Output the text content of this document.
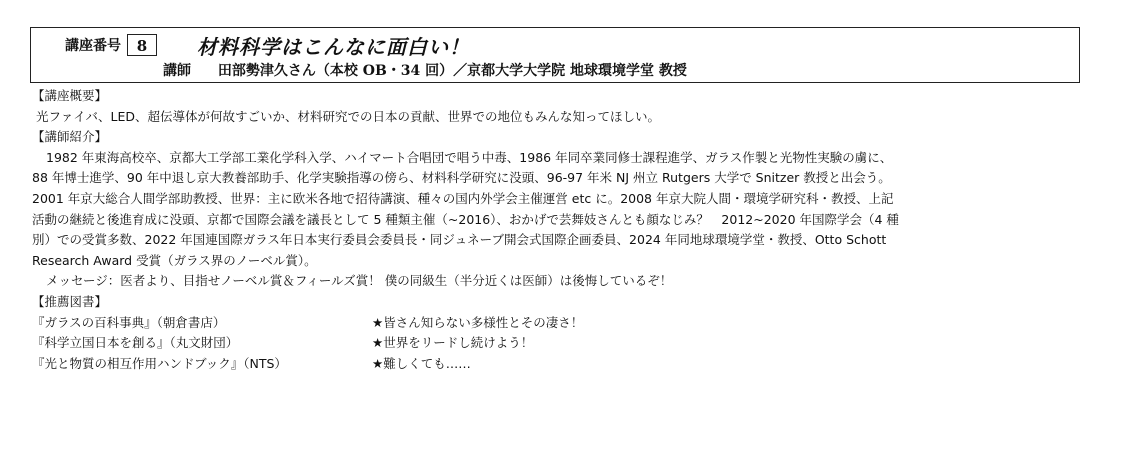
講座番号	8	材料科学はこんなに面白い！
講師 田部勢津久さん（本校 OB・34 回）／京都大学大学院 地球環境学堂 教授
【講座概要】
光ファイバ、LED、超伝導体が何故すごいか、材料研究での日本の貢献、世界での地位もみんな知ってほしい。
【講師紹介】
1982 年東海高校卒、京都大工学部工業化学科入学、ハイマート合唱団で唱う中毒、1986 年同卒業同修士課程進学、ガラス作製と光物性実験の虜に、
88 年博士進学、90 年中退し京大教養部助手、化学実験指導の傍ら、材料科学研究に没頭、96-97 年米 NJ 州立 Rutgers 大学で Snitzer 教授と出会う。
2001 年京大総合人間学部助教授、世界：主に欧米各地で招待講演、種々の国内外学会主催運営 etc に。2008 年京大院人間・環境学研究科・教授、上記
活動の継続と後進育成に没頭、京都で国際会議を議長として 5 種類主催（~2016）、おかげで芸舞妓さんとも顔なじみ？　2012~2020 年国際学会（4 種
別）での受賞多数、2022 年国連国際ガラス年日本実行委員会委員長・同ジュネーブ開会式国際企画委員、2024 年同地球環境学堂・教授、Otto Schott
Research Award 受賞（ガラス界のノーベル賞）。
メッセージ：医者より、目指せノーベル賞＆フィールズ賞！ 僕の同級生（半分近くは医師）は後悔しているぞ！
【推薦図書】
『ガラスの百科事典』（朝倉書店）	★皆さん知らない多様性とその凄さ！
『科学立国日本を創る』（丸文財団）	★世界をリードし続けよう！
『光と物質の相互作用ハンドブック』（NTS）	★難しくても……
